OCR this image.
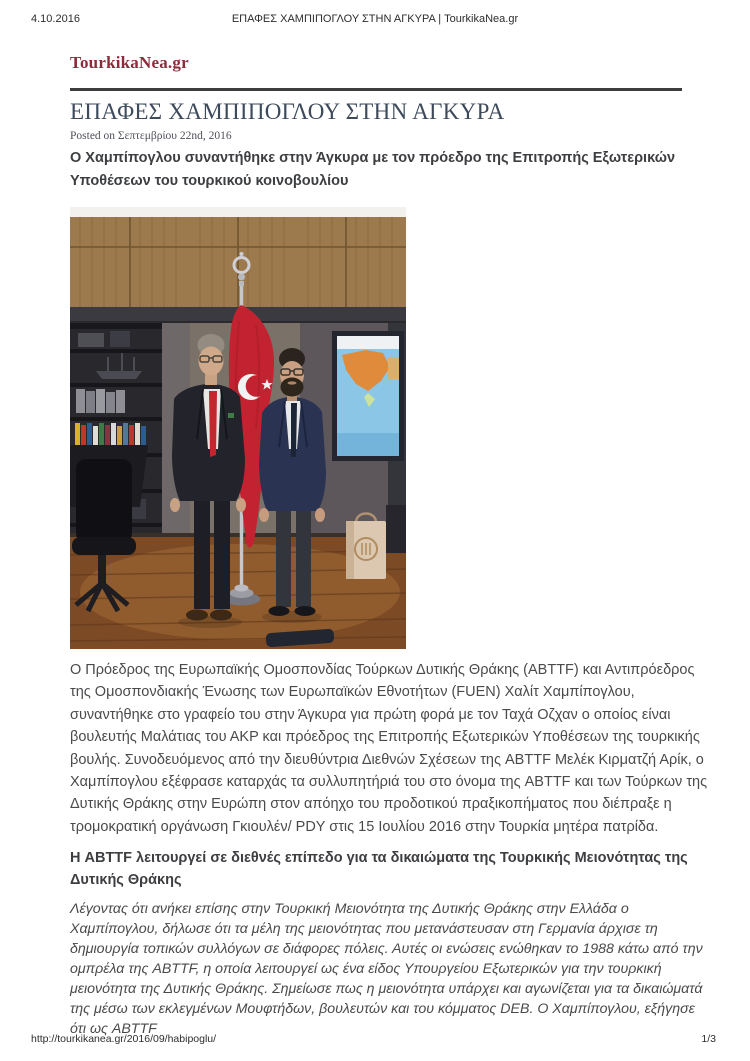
4.10.2016	ΕΠΑΦΕΣ ΧΑΜΠΙΠΟΓΛΟΥ ΣΤΗΝ ΑΓΚΥΡΑ | TourkikaNea.gr
TourkikaNea.gr
ΕΠΑΦΕΣ ΧΑΜΠΙΠΟΓΛΟΥ ΣΤΗΝ ΑΓΚΥΡΑ
Posted on Σεπτεμβρίου 22nd, 2016
Ο Χαμπίπογλου συναντήθηκε στην Άγκυρα με τον πρόεδρο της Επιτροπής Εξωτερικών Υποθέσεων του τουρκικού κοινοβουλίου

Ο Πρόεδρος της Ευρωπαϊκής Ομοσπονδίας Τούρκων Δυτικής Θράκης (ABTTF) και Αντιπρόεδρος της Ομοσπονδιακής Ένωσης των Ευρωπαϊκών Εθνοτήτων (FUEN) Χαλίτ Χαμπίπογλου, συναντήθηκε στο γραφείο του στην Άγκυρα για πρώτη φορά με τον Ταχά Οζχαν ο οποίος είναι βουλευτής Μαλάτιας του ΑΚΡ και πρόεδρος της Επιτροπής Εξωτερικών Υποθέσεων της τουρκικής βουλής. Συνοδευόμενος από την διευθύντρια Διεθνών Σχέσεων της ABTTF Μελέκ Κιρματζή Αρίκ, ο Χαμπίπογλου εξέφρασε καταρχάς τα συλλυπητήριά του στο όνομα της ABTTF και των Τούρκων της Δυτικής Θράκης στην Ευρώπη στον απόηχο του προδοτικού πραξικοπήματος που διέπραξε η τρομοκρατική οργάνωση Γκιουλέν/ PDY στις 15 Ιουλίου 2016 στην Τουρκία μητέρα πατρίδα.

Η ABTTF λειτουργεί σε διεθνές επίπεδο για τα δικαιώματα της Τουρκικής Μειονότητας της Δυτικής Θράκης

Λέγοντας ότι ανήκει επίσης στην Τουρκική Μειονότητα της Δυτικής Θράκης στην Ελλάδα ο Χαμπίπογλου, δήλωσε ότι τα μέλη της μειονότητας που μετανάστευσαν στη Γερμανία άρχισε τη δημιουργία τοπικών συλλόγων σε διάφορες πόλεις. Αυτές οι ενώσεις ενώθηκαν το 1988 κάτω από την ομπρέλα της ABTTF, η οποία λειτουργεί ως ένα είδος Υπουργείου Εξωτερικών για την τουρκική μειονότητα της Δυτικής Θράκης. Σημείωσε πως η μειονότητα υπάρχει και αγωνίζεται για τα δικαιώματά της μέσω των εκλεγμένων Μουφτήδων, βουλευτών και του κόμματος DEB. Ο Χαμπίπογλου, εξήγησε ότι ως ABTTF

http://tourkikanea.gr/2016/09/habipoglu/	1/3
